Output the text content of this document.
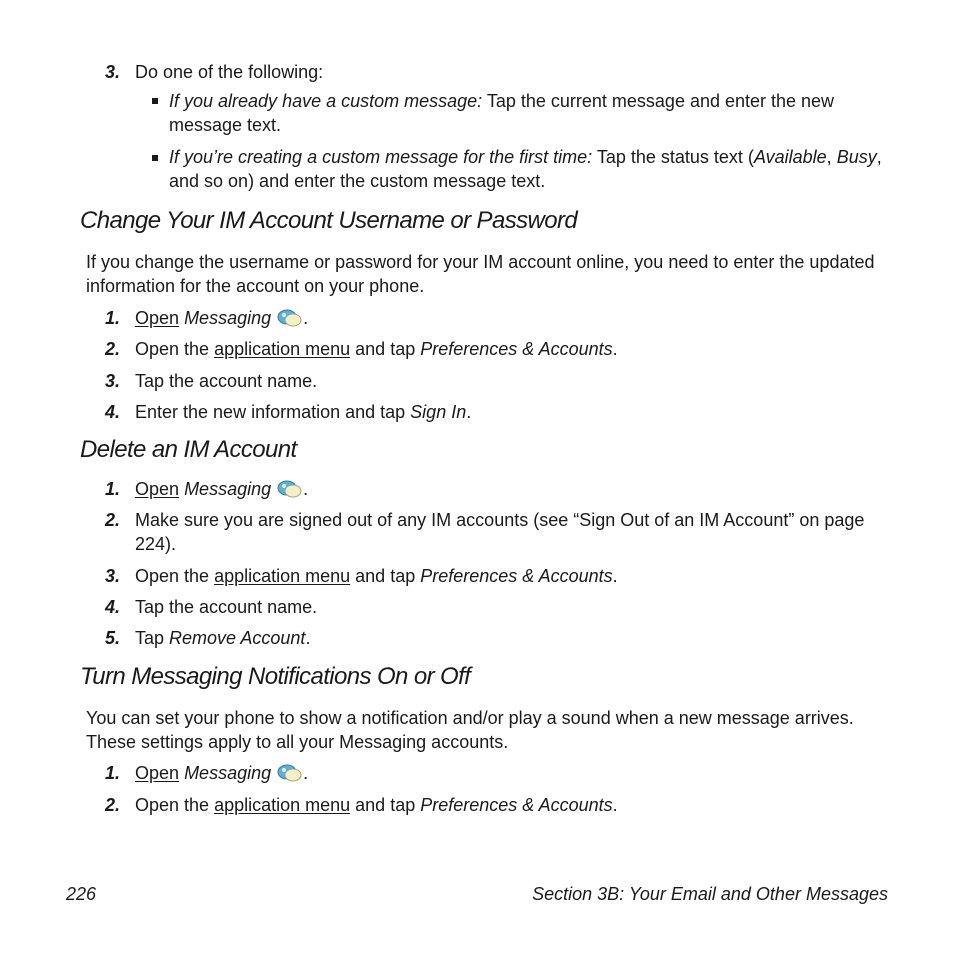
3. Do one of the following:
If you already have a custom message: Tap the current message and enter the new message text.
If you’re creating a custom message for the first time: Tap the status text (Available, Busy, and so on) and enter the custom message text.
Change Your IM Account Username or Password
If you change the username or password for your IM account online, you need to enter the updated information for the account on your phone.
1. Open Messaging .
2. Open the application menu and tap Preferences & Accounts.
3. Tap the account name.
4. Enter the new information and tap Sign In.
Delete an IM Account
1. Open Messaging .
2. Make sure you are signed out of any IM accounts (see “Sign Out of an IM Account” on page 224).
3. Open the application menu and tap Preferences & Accounts.
4. Tap the account name.
5. Tap Remove Account.
Turn Messaging Notifications On or Off
You can set your phone to show a notification and/or play a sound when a new message arrives. These settings apply to all your Messaging accounts.
1. Open Messaging .
2. Open the application menu and tap Preferences & Accounts.
226	Section 3B: Your Email and Other Messages
